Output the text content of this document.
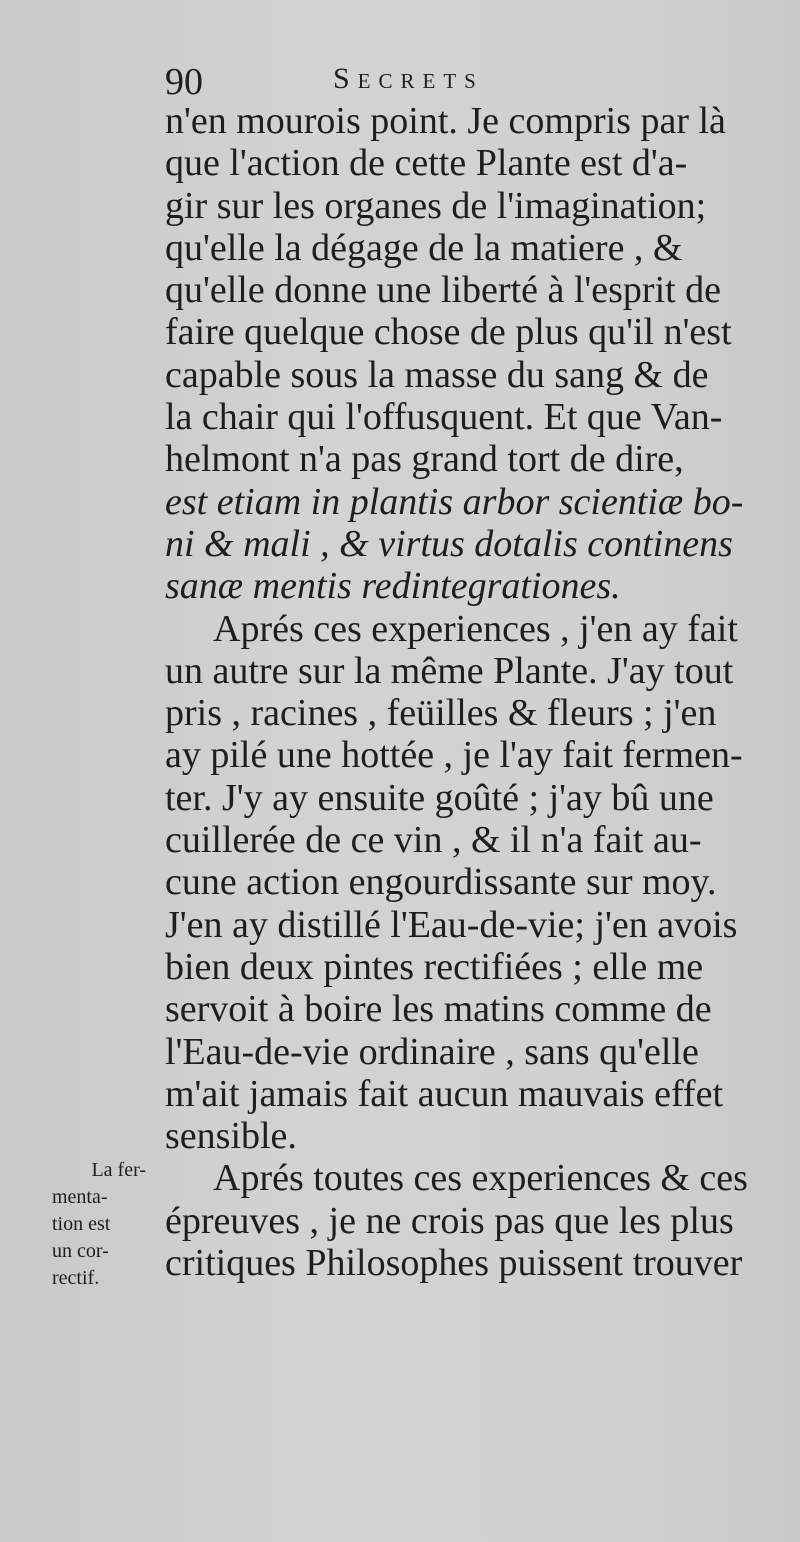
90	Secrets
n'en mourois point. Je compris par là
que l'action de cette Plante est d'a-
gir sur les organes de l'imagination;
qu'elle la dégage de la matiere , &
qu'elle donne une liberté à l'esprit de
faire quelque chose de plus qu'il n'est
capable sous la masse du sang & de
la chair qui l'offusquent. Et que Van-
helmont n'a pas grand tort de dire,
est etiam in plantis arbor scientiæ bo-
ni & mali , & virtus dotalis continens
sanæ mentis redintegrationes.
Aprés ces experiences , j'en ay fait
un autre sur la même Plante. J'ay tout
pris , racines , feüilles & fleurs ; j'en
ay pilé une hottée , je l'ay fait fermen-
ter. J'y ay ensuite goûté ; j'ay bû une
cuillerée de ce vin , & il n'a fait au-
cune action engourdissante sur moy.
J'en ay distillé l'Eau-de-vie; j'en avois
bien deux pintes rectifiées ; elle me
servoit à boire les matins comme de
l'Eau-de-vie ordinaire , sans qu'elle
m'ait jamais fait aucun mauvais effet
sensible.
Aprés toutes ces experiences & ces
épreuves , je ne crois pas que les plus
critiques Philosophes puissent trouver
La fer-
menta-
tion est
un cor-
rectif.
